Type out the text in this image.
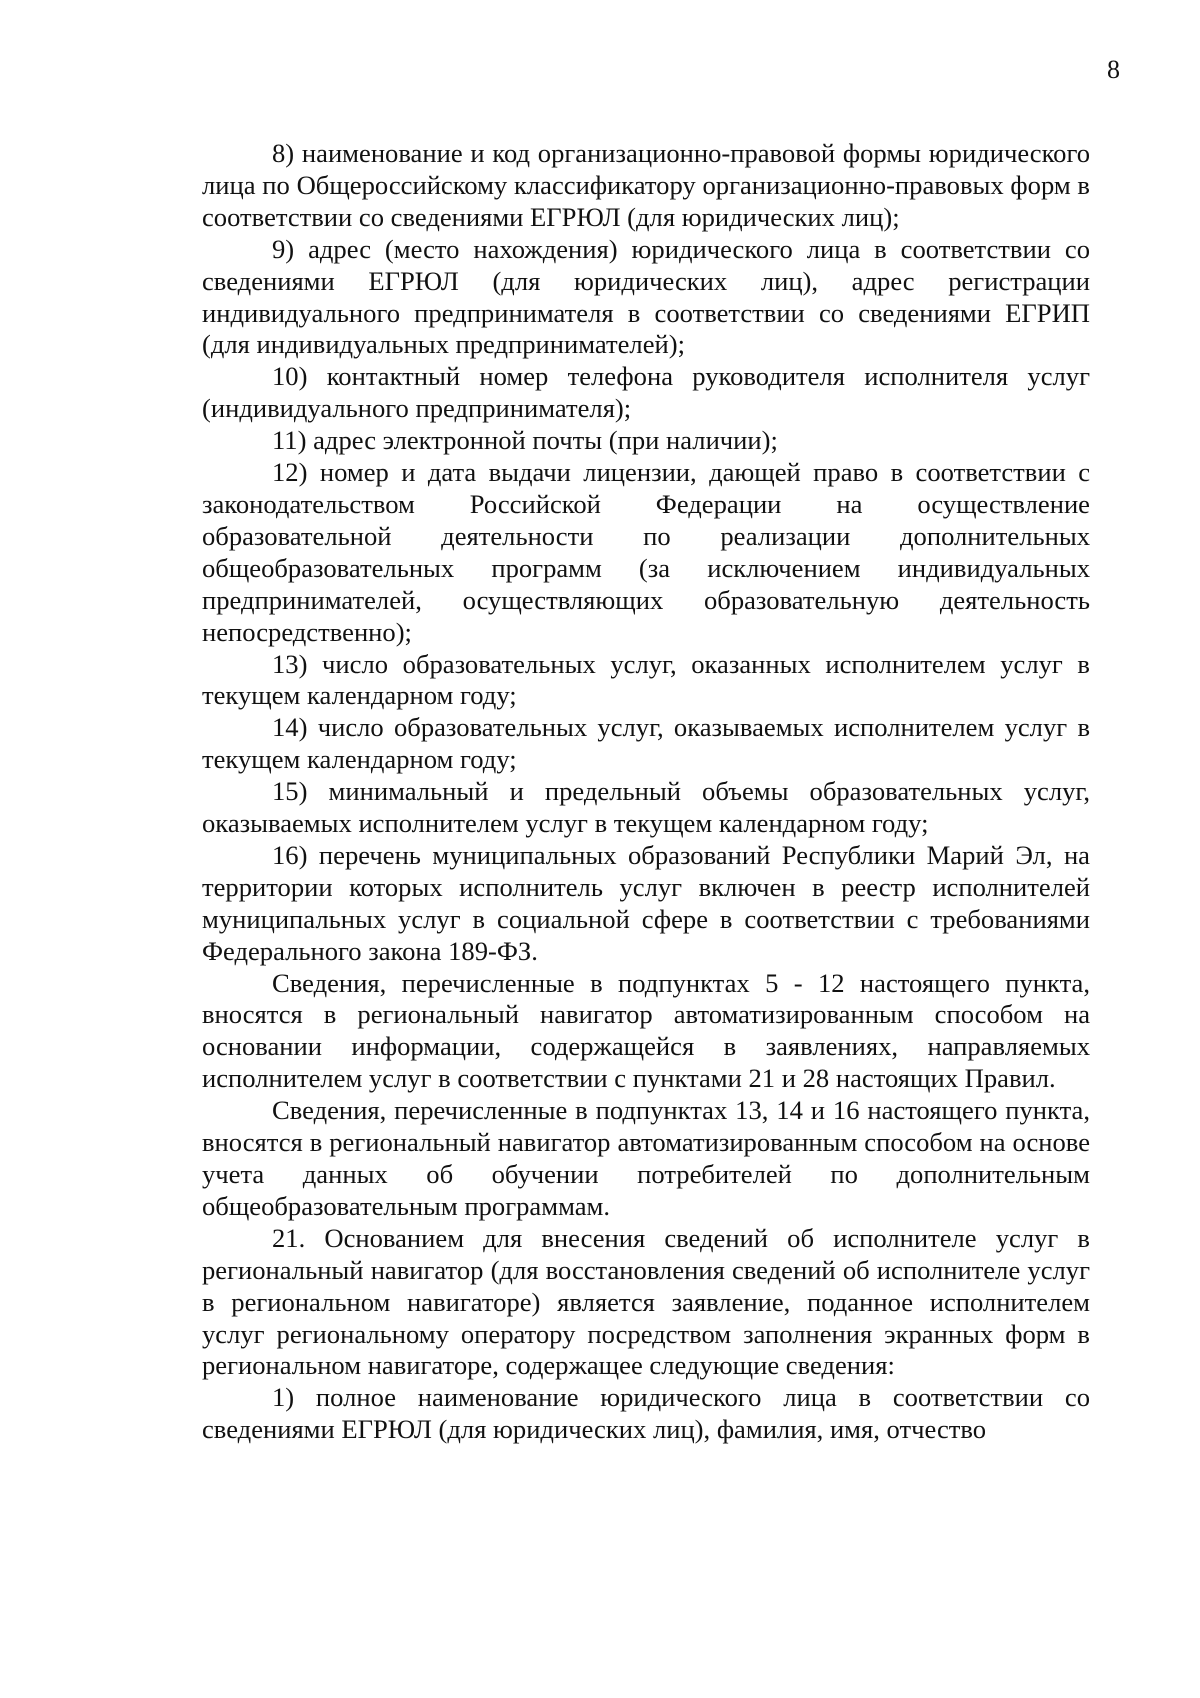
8

8) наименование и код организационно-правовой формы юридического лица по Общероссийскому классификатору организационно-правовых форм в соответствии со сведениями ЕГРЮЛ (для юридических лиц);

9) адрес (место нахождения) юридического лица в соответствии со сведениями ЕГРЮЛ (для юридических лиц), адрес регистрации индивидуального предпринимателя в соответствии со сведениями ЕГРИП (для индивидуальных предпринимателей);

10) контактный номер телефона руководителя исполнителя услуг (индивидуального предпринимателя);

11) адрес электронной почты (при наличии);

12) номер и дата выдачи лицензии, дающей право в соответствии с законодательством Российской Федерации на осуществление образовательной деятельности по реализации дополнительных общеобразовательных программ (за исключением индивидуальных предпринимателей, осуществляющих образовательную деятельность непосредственно);

13) число образовательных услуг, оказанных исполнителем услуг в текущем календарном году;

14) число образовательных услуг, оказываемых исполнителем услуг в текущем календарном году;

15) минимальный и предельный объемы образовательных услуг, оказываемых исполнителем услуг в текущем календарном году;

16) перечень муниципальных образований Республики Марий Эл, на территории которых исполнитель услуг включен в реестр исполнителей муниципальных услуг в социальной сфере в соответствии с требованиями Федерального закона 189-ФЗ.

Сведения, перечисленные в подпунктах 5 - 12 настоящего пункта, вносятся в региональный навигатор автоматизированным способом на основании информации, содержащейся в заявлениях, направляемых исполнителем услуг в соответствии с пунктами 21 и 28 настоящих Правил.

Сведения, перечисленные в подпунктах 13, 14 и 16 настоящего пункта, вносятся в региональный навигатор автоматизированным способом на основе учета данных об обучении потребителей по дополнительным общеобразовательным программам.

21. Основанием для внесения сведений об исполнителе услуг в региональный навигатор (для восстановления сведений об исполнителе услуг в региональном навигаторе) является заявление, поданное исполнителем услуг региональному оператору посредством заполнения экранных форм в региональном навигаторе, содержащее следующие сведения:

1) полное наименование юридического лица в соответствии со сведениями ЕГРЮЛ (для юридических лиц), фамилия, имя, отчество
